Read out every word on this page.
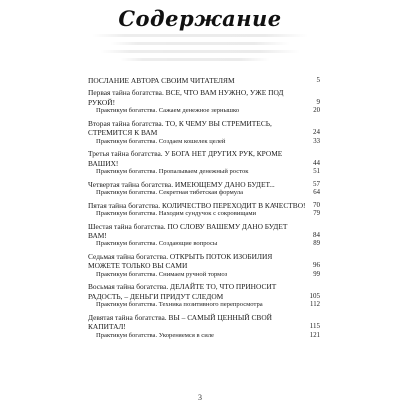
Содержание
ПОСЛАНИЕ АВТОРА СВОИМ ЧИТАТЕЛЯМ	5
Первая тайна богатства. ВСЕ, ЧТО ВАМ НУЖНО, УЖЕ ПОД РУКОЙ!	9
Практикум богатства. Сажаем денежное зернышко	20
Вторая тайна богатства. ТО, К ЧЕМУ ВЫ СТРЕМИТЕСЬ, СТРЕМИТСЯ К ВАМ	24
Практикум богатства. Создаем кошелек целей	33
Третья тайна богатства. У БОГА НЕТ ДРУГИХ РУК, КРОМЕ ВАШИХ!	44
Практикум богатства. Пропалываем денежный росток	51
Четвертая тайна богатства. ИМЕЮЩЕМУ ДАНО БУДЕТ...	57
Практикум богатства. Секретная тибетская формула	64
Пятая тайна богатства. КОЛИЧЕСТВО ПЕРЕХОДИТ В КАЧЕСТВО! 70
Практикум богатства. Находим сундучок с сокровищами	79
Шестая тайна богатства. ПО СЛОВУ ВАШЕМУ ДАНО БУДЕТ ВАМ!	84
Практикум богатства. Создающие вопросы	89
Седьмая тайна богатства. ОТКРЫТЬ ПОТОК ИЗОБИЛИЯ МОЖЕТЕ ТОЛЬКО ВЫ САМИ	96
Практикум богатства. Снимаем ручной тормоз	99
Восьмая тайна богатства. ДЕЛАЙТЕ ТО, ЧТО ПРИНОСИТ РАДОСТЬ, – ДЕНЬГИ ПРИДУТ СЛЕДОМ	105
Практикум богатства. Техника позитивного перепросмотра	112
Девятая тайна богатства. ВЫ – САМЫЙ ЦЕННЫЙ СВОЙ КАПИТАЛ!	115
Практикум богатства. Укореняемся в силе	121
3
